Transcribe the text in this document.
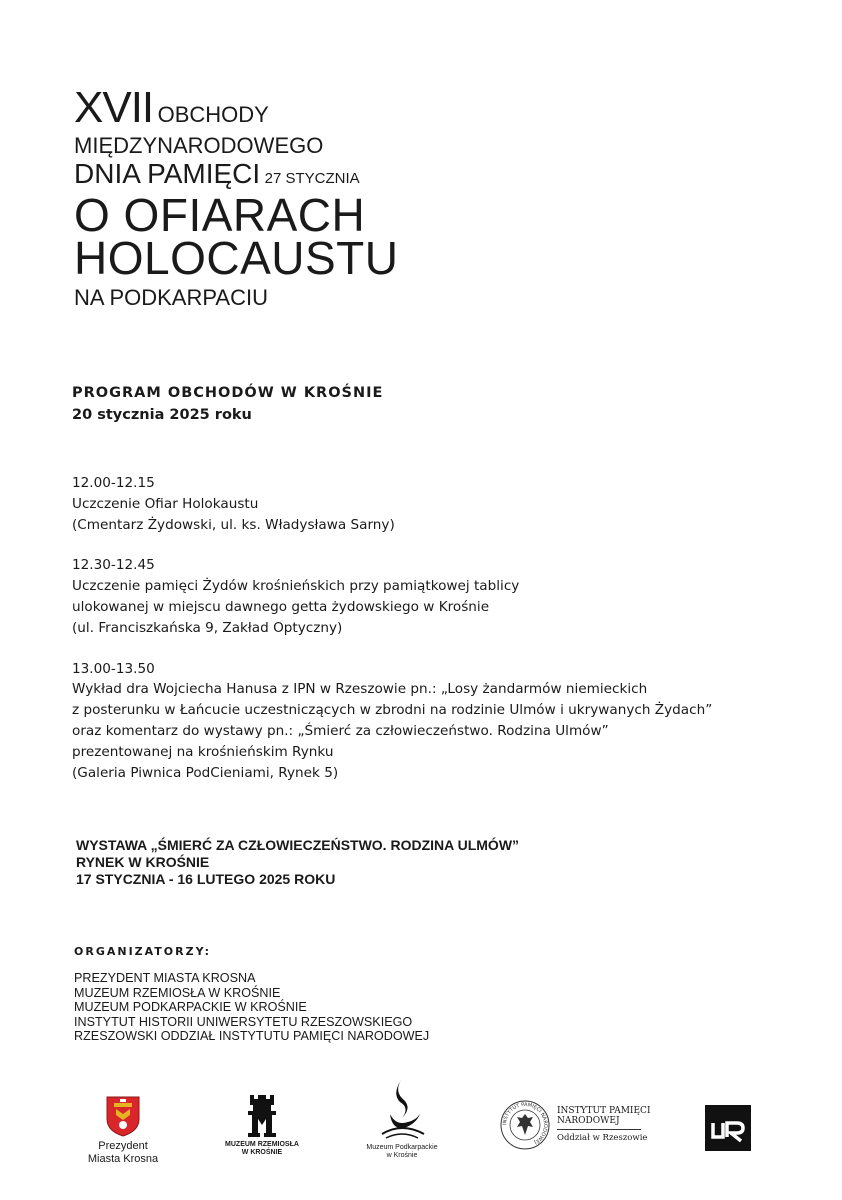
XVII OBCHODY
MIĘDZYNARODOWEGO
DNIA PAMIĘCI 27 STYCZNIA
O OFIARACH
HOLOCAUSTU
NA PODKARPACIU
PROGRAM OBCHODÓW W KROŚNIE
20 stycznia 2025 roku
12.00-12.15
Uczczenie Ofiar Holokaustu
(Cmentarz Żydowski, ul. ks. Władysława Sarny)
12.30-12.45
Uczczenie pamięci Żydów krośnieńskich przy pamiątkowej tablicy
ulokowanej w miejscu dawnego getta żydowskiego w Krośnie
(ul. Franciszkańska 9, Zakład Optyczny)
13.00-13.50
Wykład dra Wojciecha Hanusa z IPN w Rzeszowie pn.: „Losy żandarmów niemieckich
z posterunku w Łańcucie uczestniczących w zbrodni na rodzinie Ulmów i ukrywanych Żydach”
oraz komentarz do wystawy pn.: „Śmierć za człowieczeństwo. Rodzina Ulmów”
prezentowanej na krośnieńskim Rynku
(Galeria Piwnica PodCieniami, Rynek 5)
WYSTAWA „ŚMIERĆ ZA CZŁOWIECZEŃSTWO. RODZINA ULMÓW”
RYNEK W KROŚNIE
17 STYCZNIA - 16 LUTEGO 2025 ROKU
ORGANIZATORZY:
PREZYDENT MIASTA KROSNA
MUZEUM RZEMIOSŁA W KROŚNIE
MUZEUM PODKARPACKIE W KROŚNIE
INSTYTUT HISTORII UNIWERSYTETU RZESZOWSKIEGO
RZESZOWSKI ODDZIAŁ INSTYTUTU PAMIĘCI NARODOWEJ
Prezydent
Miasta Krosna
MUZEUM RZEMIOSŁA
W KROŚNIE
Muzeum Podkarpackie
w Krośnie
INSTYTUT PAMIĘCI NARODOWEJ
INSTYTUT PAMIĘCI
NARODOWEJ
Oddział w Rzeszowie
UR
